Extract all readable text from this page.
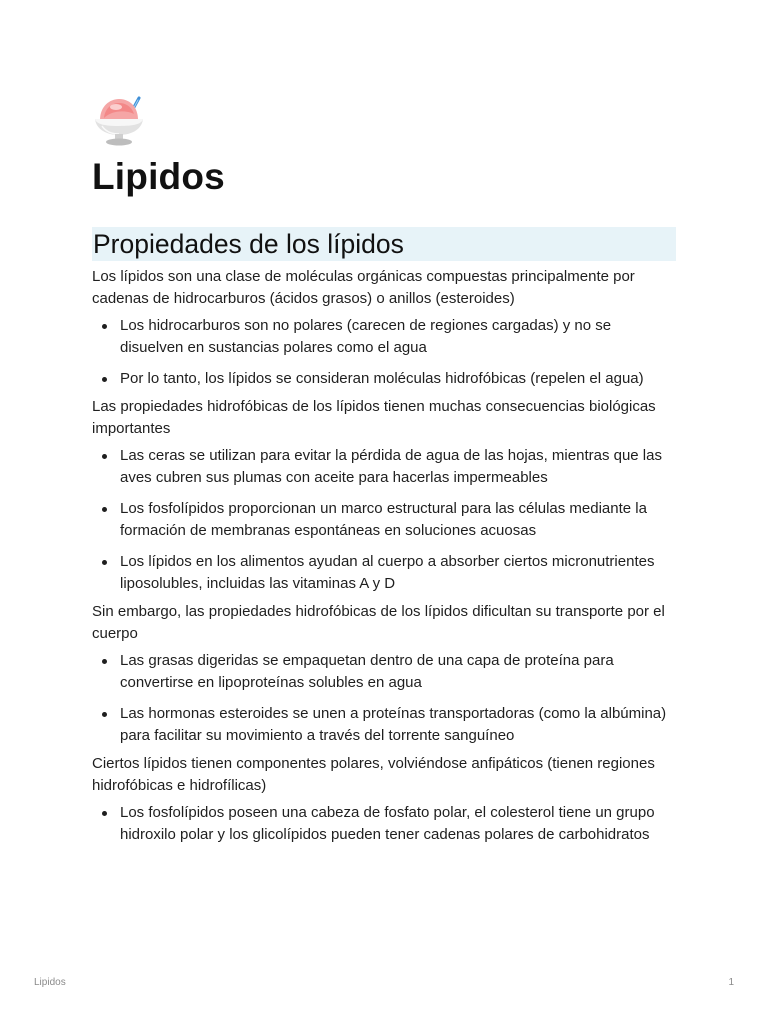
Lipidos
Propiedades de los lípidos

Los lípidos son una clase de moléculas orgánicas compuestas principalmente por cadenas de hidrocarburos (ácidos grasos) o anillos (esteroides)

Los hidrocarburos son no polares (carecen de regiones cargadas) y no se disuelven en sustancias polares como el agua
Por lo tanto, los lípidos se consideran moléculas hidrofóbicas (repelen el agua)

Las propiedades hidrofóbicas de los lípidos tienen muchas consecuencias biológicas importantes

Las ceras se utilizan para evitar la pérdida de agua de las hojas, mientras que las aves cubren sus plumas con aceite para hacerlas impermeables
Los fosfolípidos proporcionan un marco estructural para las células mediante la formación de membranas espontáneas en soluciones acuosas
Los lípidos en los alimentos ayudan al cuerpo a absorber ciertos micronutrientes liposolubles, incluidas las vitaminas A y D

Sin embargo, las propiedades hidrofóbicas de los lípidos dificultan su transporte por el cuerpo

Las grasas digeridas se empaquetan dentro de una capa de proteína para convertirse en lipoproteínas solubles en agua
Las hormonas esteroides se unen a proteínas transportadoras (como la albúmina) para facilitar su movimiento a través del torrente sanguíneo

Ciertos lípidos tienen componentes polares, volviéndose anfipáticos (tienen regiones hidrofóbicas e hidrofílicas)

Los fosfolípidos poseen una cabeza de fosfato polar, el colesterol tiene un grupo hidroxilo polar y los glicolípidos pueden tener cadenas polares de carbohidratos
Lipidos	1
